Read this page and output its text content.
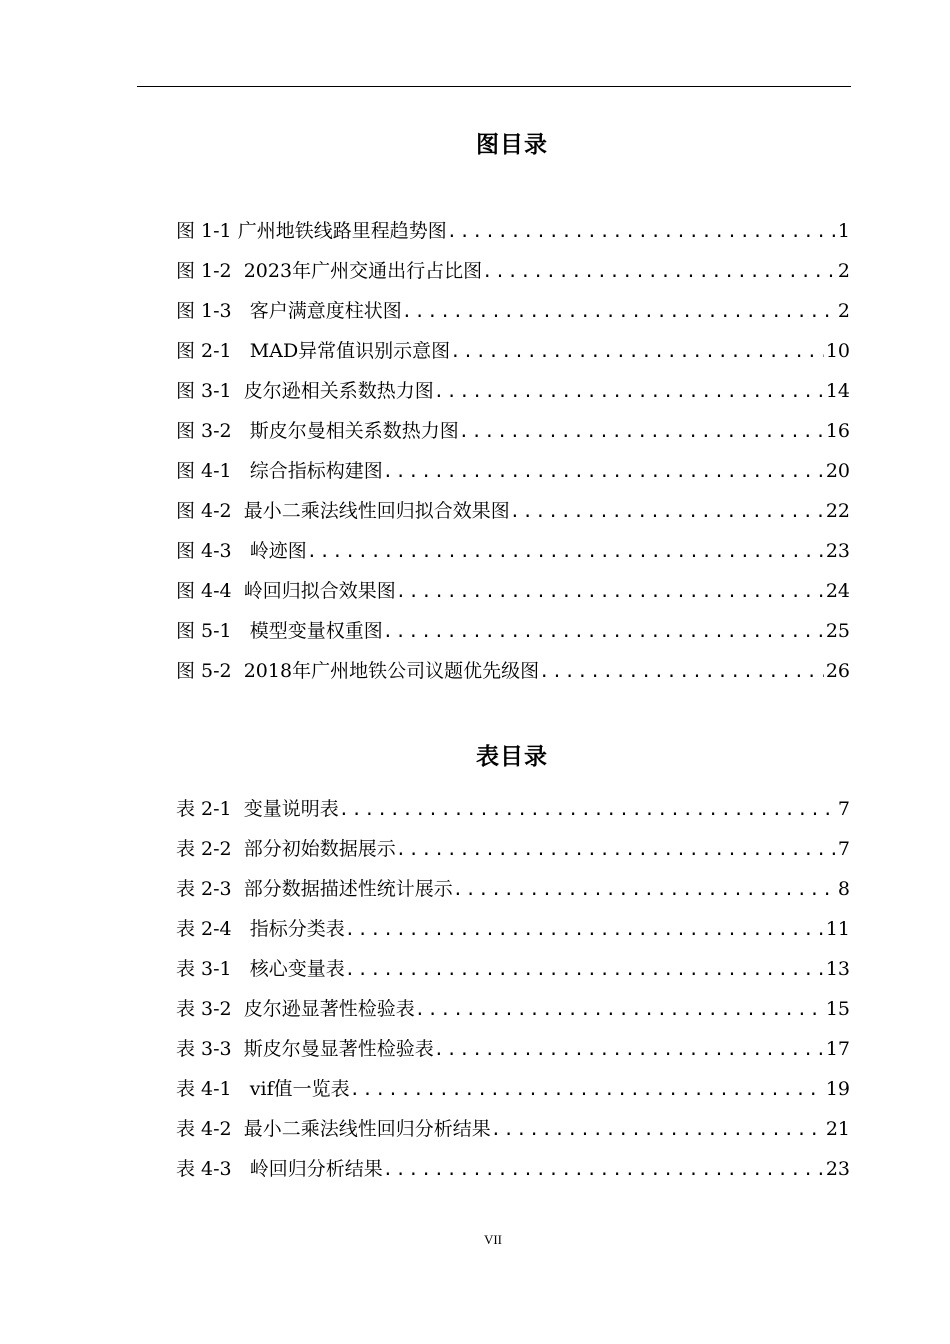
图目录
图 1-1 广州地铁线路里程趋势图 .....	1
图 1-2 2023年广州交通出行占比图 .....	2
图 1-3 客户满意度柱状图 .....	2
图 2-1 MAD异常值识别示意图 .....	10
图 3-1 皮尔逊相关系数热力图 .....	14
图 3-2 斯皮尔曼相关系数热力图 .....	16
图 4-1 综合指标构建图 .....	20
图 4-2 最小二乘法线性回归拟合效果图 .....	22
图 4-3 岭迹图 .....	23
图 4-4 岭回归拟合效果图 .....	24
图 5-1 模型变量权重图 .....	25
图 5-2 2018年广州地铁公司议题优先级图 .....	26
表目录
表 2-1 变量说明表 .....	7
表 2-2 部分初始数据展示 .....	7
表 2-3 部分数据描述性统计展示 .....	8
表 2-4 指标分类表 .....	11
表 3-1 核心变量表 .....	13
表 3-2 皮尔逊显著性检验表 .....	15
表 3-3 斯皮尔曼显著性检验表 .....	17
表 4-1 vif值一览表 .....	19
表 4-2 最小二乘法线性回归分析结果 .....	21
表 4-3 岭回归分析结果 .....	23
VII
